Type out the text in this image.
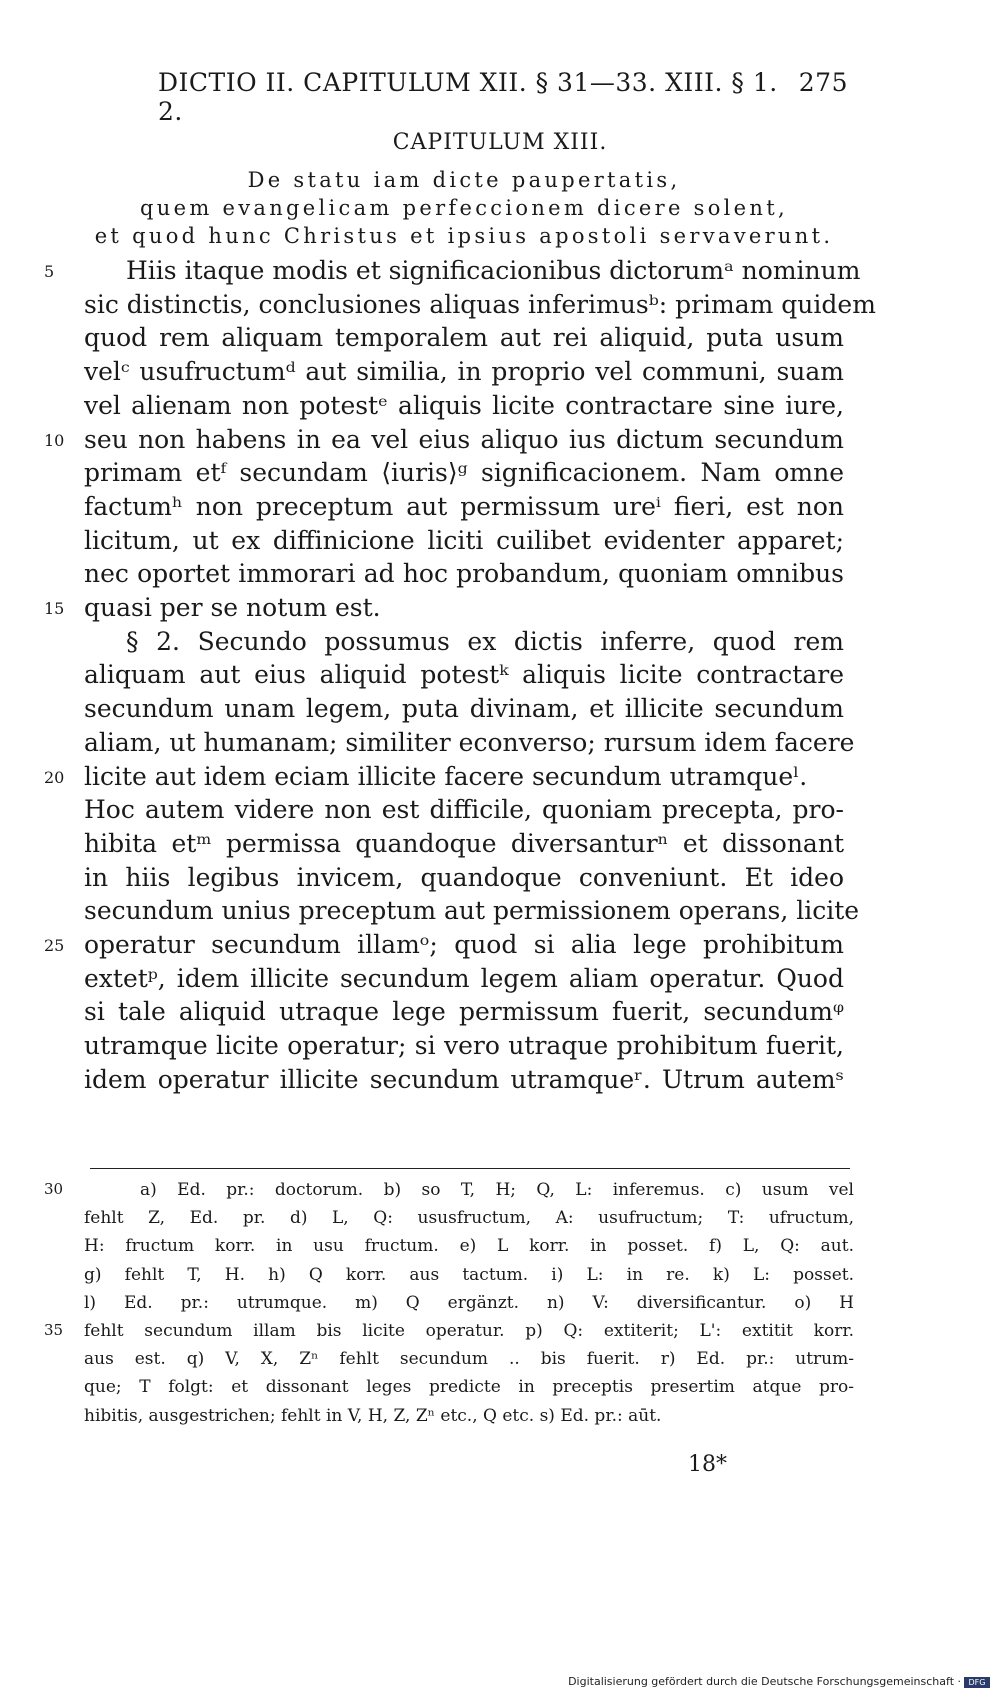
DICTIO II. CAPITULUM XII. § 31—33. XIII. § 1. 2.
275
CAPITULUM XIII.
De statu iam dicte paupertatis,
quem evangelicam perfeccionem dicere solent,
et quod hunc Christus et ipsius apostoli servaverunt.
Hiis itaque modis et significacionibus dictorumᵃ nominum
5
sic distinctis, conclusiones aliquas inferimusᵇ: primam quidem
quod rem aliquam temporalem aut rei aliquid, puta usum
velᶜ usufructumᵈ aut similia, in proprio vel communi, suam
vel alienam non potestᵉ aliquis licite contractare sine iure,
seu non habens in ea vel eius aliquo ius dictum secundum
10
primam etᶠ secundam ⟨iuris⟩ᵍ significacionem. Nam omne
factumʰ non preceptum aut permissum ureⁱ fieri, est non
licitum, ut ex diffinicione liciti cuilibet evidenter apparet;
nec oportet immorari ad hoc probandum, quoniam omnibus
quasi per se notum est.
15
§ 2. Secundo possumus ex dictis inferre, quod rem
aliquam aut eius aliquid potestᵏ aliquis licite contractare
secundum unam legem, puta divinam, et illicite secundum
aliam, ut humanam; similiter econverso; rursum idem facere
licite aut idem eciam illicite facere secundum utramqueˡ.
20
Hoc autem videre non est difficile, quoniam precepta, pro-
hibita etᵐ permissa quandoque diversanturⁿ et dissonant
in hiis legibus invicem, quandoque conveniunt. Et ideo
secundum unius preceptum aut permissionem operans, licite
operatur secundum illamᵒ; quod si alia lege prohibitum
25
extetᵖ, idem illicite secundum legem aliam operatur. Quod
si tale aliquid utraque lege permissum fuerit, secundumᵠ
utramque licite operatur; si vero utraque prohibitum fuerit,
idem operatur illicite secundum utramqueʳ. Utrum autemˢ
a) Ed. pr.: doctorum. b) so T, H; Q, L: inferemus. c) usum vel
30
fehlt Z, Ed. pr. d) L, Q: ususfructum, A: usufructum; T: ufructum,
H: fructum korr. in usu fructum. e) L korr. in posset. f) L, Q: aut.
g) fehlt T, H. h) Q korr. aus tactum. i) L: in re. k) L: posset.
l) Ed. pr.: utrumque. m) Q ergänzt. n) V: diversificantur. o) H
fehlt secundum illam bis licite operatur. p) Q: extiterit; L': extitit korr.
35
aus est. q) V, X, Zⁿ fehlt secundum .. bis fuerit. r) Ed. pr.: utrum-
que; T folgt: et dissonant leges predicte in preceptis presertim atque pro-
hibitis, ausgestrichen; fehlt in V, H, Z, Zⁿ etc., Q etc. s) Ed. pr.: aūt.
18*
Digitalisierung gefördert durch die Deutsche Forschungsgemeinschaft · DFG
